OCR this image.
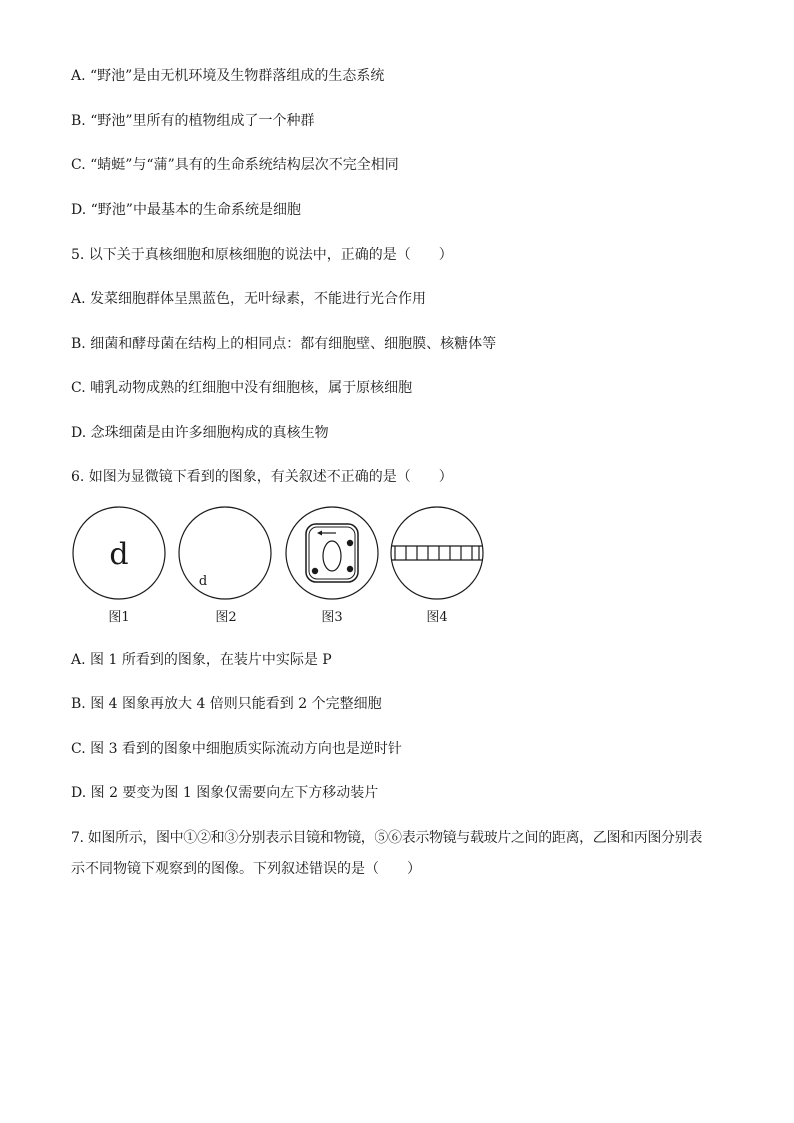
A. “野池”是由无机环境及生物群落组成的生态系统
B. “野池”里所有的植物组成了一个种群
C. “蜻蜓”与“蒲”具有的生命系统结构层次不完全相同
D. “野池”中最基本的生命系统是细胞
5. 以下关于真核细胞和原核细胞的说法中，正确的是（　　）
A. 发菜细胞群体呈黑蓝色，无叶绿素，不能进行光合作用
B. 细菌和酵母菌在结构上的相同点：都有细胞壁、细胞膜、核糖体等
C. 哺乳动物成熟的红细胞中没有细胞核，属于原核细胞
D. 念珠细菌是由许多细胞构成的真核生物
6. 如图为显微镜下看到的图象，有关叙述不正确的是（　　）
d
图1
d
图2	图3	图4
A. 图 1 所看到的图象，在装片中实际是 P
B. 图 4 图象再放大 4 倍则只能看到 2 个完整细胞
C. 图 3 看到的图象中细胞质实际流动方向也是逆时针
D. 图 2 要变为图 1 图象仅需要向左下方移动装片
7. 如图所示，图中①②和③分别表示目镜和物镜，⑤⑥表示物镜与载玻片之间的距离，乙图和丙图分别表
示不同物镜下观察到的图像。下列叙述错误的是（　　）
